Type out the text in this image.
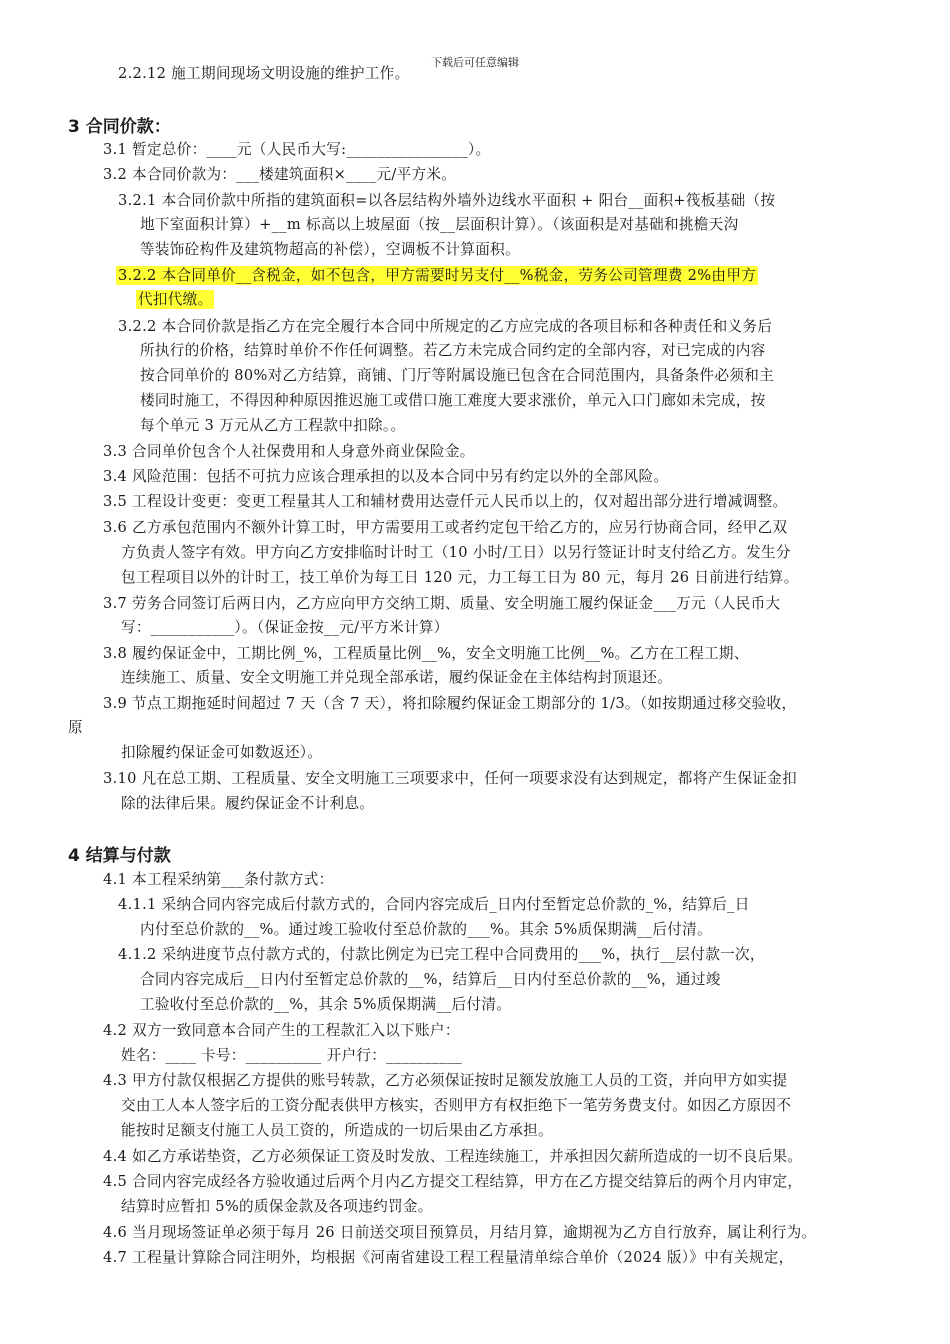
下载后可任意编辑
2.2.12 施工期间现场文明设施的维护工作。
3 合同价款：
3.1 暂定总价：____元（人民币大写:________________）。
3.2 本合同价款为：___楼建筑面积×____元/平方米。
3.2.1 本合同价款中所指的建筑面积=以各层结构外墙外边线水平面积 + 阳台__面积+筏板基础（按
地下室面积计算）+__m 标高以上坡屋面（按__层面积计算）。（该面积是对基础和挑檐天沟
等装饰砼构件及建筑物超高的补偿），空调板不计算面积。
3.2.2 本合同单价__含税金，如不包含，甲方需要时另支付__%税金，劳务公司管理费 2%由甲方
代扣代缴。
3.2.2 本合同价款是指乙方在完全履行本合同中所规定的乙方应完成的各项目标和各种责任和义务后
所执行的价格，结算时单价不作任何调整。若乙方未完成合同约定的全部内容，对已完成的内容
按合同单价的 80%对乙方结算，商铺、门厅等附属设施已包含在合同范围内，具备条件必须和主
楼同时施工，不得因种种原因推迟施工或借口施工难度大要求涨价，单元入口门廊如未完成，按
每个单元 3 万元从乙方工程款中扣除。。
3.3 合同单价包含个人社保费用和人身意外商业保险金。
3.4 风险范围：包括不可抗力应该合理承担的以及本合同中另有约定以外的全部风险。
3.5 工程设计变更：变更工程量其人工和辅材费用达壹仟元人民币以上的，仅对超出部分进行增减调整。
3.6 乙方承包范围内不额外计算工时，甲方需要用工或者约定包干给乙方的，应另行协商合同，经甲乙双
方负责人签字有效。甲方向乙方安排临时计时工（10 小时/工日）以另行签证计时支付给乙方。发生分
包工程项目以外的计时工，技工单价为每工日 120 元，力工每工日为 80 元，每月 26 日前进行结算。
3.7 劳务合同签订后两日内，乙方应向甲方交纳工期、质量、安全明施工履约保证金___万元（人民币大
写：___________）。（保证金按__元/平方米计算）
3.8 履约保证金中，工期比例_%，工程质量比例__%，安全文明施工比例__%。乙方在工程工期、
连续施工、质量、安全文明施工并兑现全部承诺，履约保证金在主体结构封顶退还。
3.9 节点工期拖延时间超过 7 天（含 7 天），将扣除履约保证金工期部分的 1/3。（如按期通过移交验收，
原
扣除履约保证金可如数返还）。
3.10 凡在总工期、工程质量、安全文明施工三项要求中，任何一项要求没有达到规定，都将产生保证金扣
除的法律后果。履约保证金不计利息。
4 结算与付款
4.1 本工程采纳第___条付款方式：
4.1.1 采纳合同内容完成后付款方式的，合同内容完成后_日内付至暂定总价款的_%，结算后_日
内付至总价款的__%。通过竣工验收付至总价款的___%。其余 5%质保期满__后付清。
4.1.2 采纳进度节点付款方式的，付款比例定为已完工程中合同费用的___%，执行__层付款一次，
合同内容完成后__日内付至暂定总价款的__%，结算后__日内付至总价款的__%，通过竣
工验收付至总价款的__%，其余 5%质保期满__后付清。
4.2 双方一致同意本合同产生的工程款汇入以下账户：
姓名：____ 卡号：__________ 开户行：__________
4.3 甲方付款仅根据乙方提供的账号转款，乙方必须保证按时足额发放施工人员的工资，并向甲方如实提
交由工人本人签字后的工资分配表供甲方核实，否则甲方有权拒绝下一笔劳务费支付。如因乙方原因不
能按时足额支付施工人员工资的，所造成的一切后果由乙方承担。
4.4 如乙方承诺垫资，乙方必须保证工资及时发放、工程连续施工，并承担因欠薪所造成的一切不良后果。
4.5 合同内容完成经各方验收通过后两个月内乙方提交工程结算，甲方在乙方提交结算后的两个月内审定，
结算时应暂扣 5%的质保金款及各项违约罚金。
4.6 当月现场签证单必须于每月 26 日前送交项目预算员，月结月算，逾期视为乙方自行放弃，属让利行为。
4.7 工程量计算除合同注明外，均根据《河南省建设工程工程量清单综合单价（2024 版）》中有关规定，
